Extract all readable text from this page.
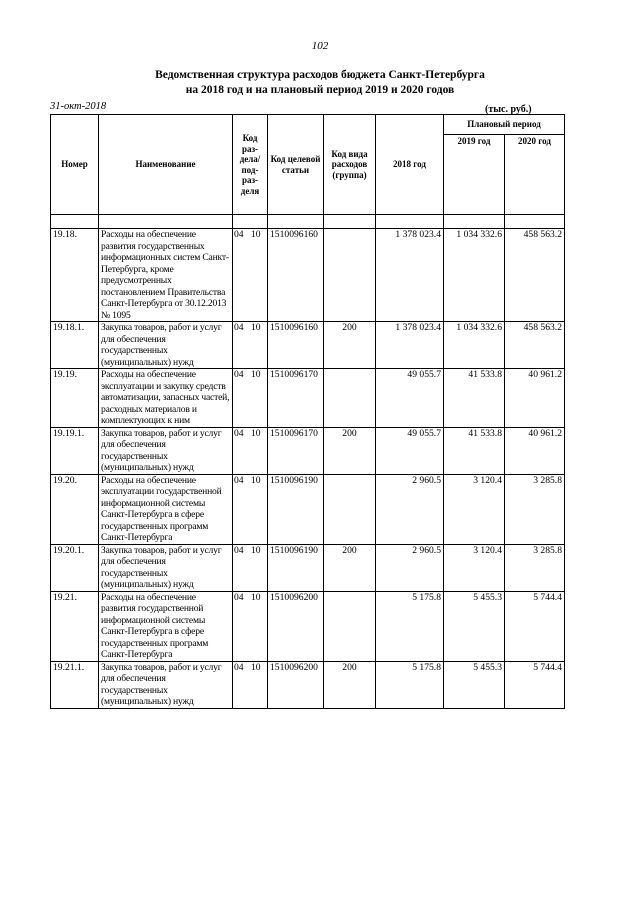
102
Ведомственная структура расходов бюджета Санкт-Петербурга
на 2018 год и на плановый период 2019 и 2020 годов
31-окт-2018	(тыс. руб.)
Номер	Наименование	Код раз-дела/ под-раз-деля	Код целевой статьи	Код вида расходов (группа)	2018 год	Плановый период	
						2019 год	2020 год

19.18.	Расходы на обеспечение развития государственных информационных систем Санкт-Петербурга, кроме предусмотренных постановлением Правительства Санкт-Петербурга от 30.12.2013 № 1095	04 10	1510096160		1 378 023.4	1 034 332.6	458 563.2
19.18.1.	Закупка товаров, работ и услуг для обеспечения государственных (муниципальных) нужд	04 10	1510096160	200	1 378 023.4	1 034 332.6	458 563.2
19.19.	Расходы на обеспечение эксплуатации и закупку средств автоматизации, запасных частей, расходных материалов и комплектующих к ним	04 10	1510096170		49 055.7	41 533.8	40 961.2
19.19.1.	Закупка товаров, работ и услуг для обеспечения государственных (муниципальных) нужд	04 10	1510096170	200	49 055.7	41 533.8	40 961.2
19.20.	Расходы на обеспечение эксплуатации государственной информационной системы Санкт-Петербурга в сфере государственных программ Санкт-Петербурга	04 10	1510096190		2 960.5	3 120.4	3 285.8
19.20.1.	Закупка товаров, работ и услуг для обеспечения государственных (муниципальных) нужд	04 10	1510096190	200	2 960.5	3 120.4	3 285.8
19.21.	Расходы на обеспечение развития государственной информационной системы Санкт-Петербурга в сфере государственных программ Санкт-Петербурга	04 10	1510096200		5 175.8	5 455.3	5 744.4
19.21.1.	Закупка товаров, работ и услуг для обеспечения государственных (муниципальных) нужд	04 10	1510096200	200	5 175.8	5 455.3	5 744.4
